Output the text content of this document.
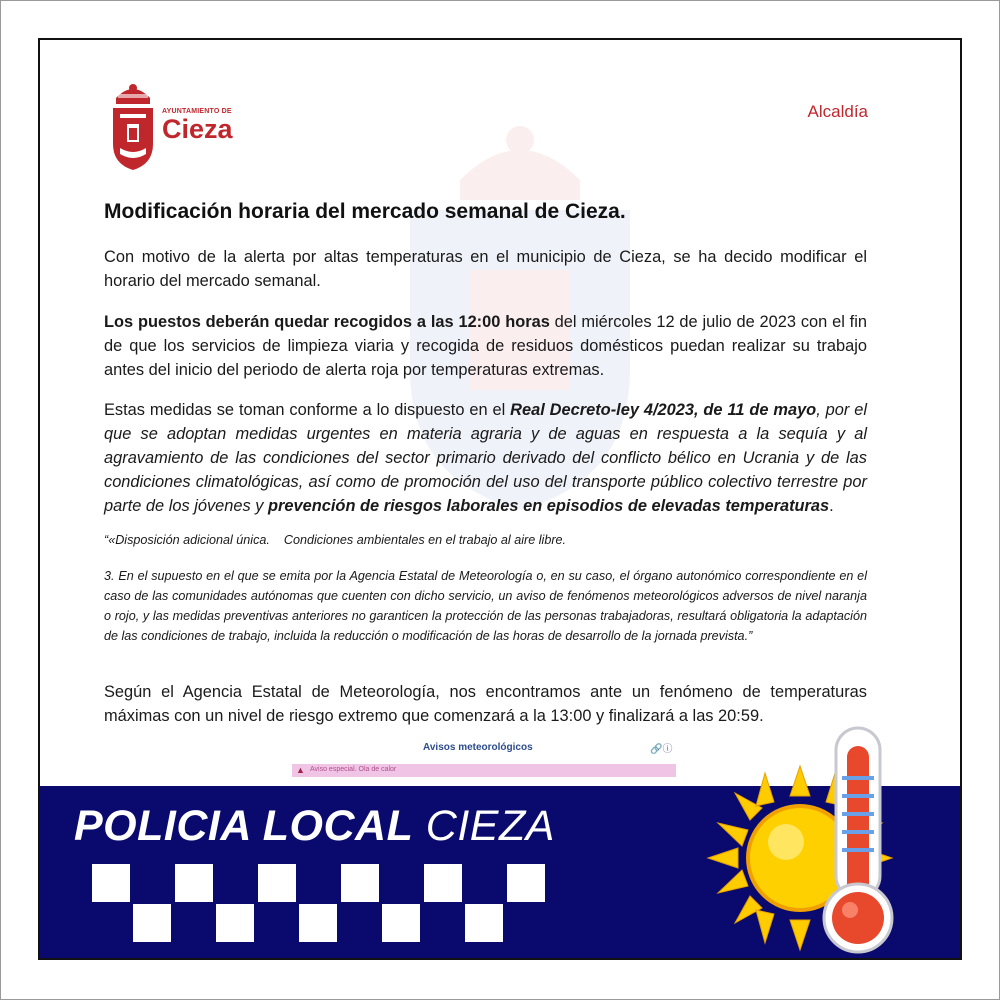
AYUNTAMIENTO DE
Cieza
Alcaldía
Modificación horaria del mercado semanal de Cieza.
Con motivo de la alerta por altas temperaturas en el municipio de Cieza, se ha decido modificar el horario del mercado semanal.
Los puestos deberán quedar recogidos a las 12:00 horas del miércoles 12 de julio de 2023 con el fin de que los servicios de limpieza viaria y recogida de residuos domésticos puedan realizar su trabajo antes del inicio del periodo de alerta roja por temperaturas extremas.
Estas medidas se toman conforme a lo dispuesto en el Real Decreto-ley 4/2023, de 11 de mayo, por el que se adoptan medidas urgentes en materia agraria y de aguas en respuesta a la sequía y al agravamiento de las condiciones del sector primario derivado del conflicto bélico en Ucrania y de las condiciones climatológicas, así como de promoción del uso del transporte público colectivo terrestre por parte de los jóvenes y prevención de riesgos laborales en episodios de elevadas temperaturas.
“«Disposición adicional única.    Condiciones ambientales en el trabajo al aire libre.
3. En el supuesto en el que se emita por la Agencia Estatal de Meteorología o, en su caso, el órgano autonómico correspondiente en el caso de las comunidades autónomas que cuenten con dicho servicio, un aviso de fenómenos meteorológicos adversos de nivel naranja o rojo, y las medidas preventivas anteriores no garanticen la protección de las personas trabajadoras, resultará obligatoria la adaptación de las condiciones de trabajo, incluida la reducción o modificación de las horas de desarrollo de la jornada prevista.”
Según el Agencia Estatal de Meteorología, nos encontramos ante un fenómeno de temperaturas máximas con un nivel de riesgo extremo que comenzará a la 13:00 y finalizará a las 20:59.
Avisos meteorológicos	🔗ⓘ
▲ Aviso especial. Ola de calor
POLICIA LOCAL CIEZA
